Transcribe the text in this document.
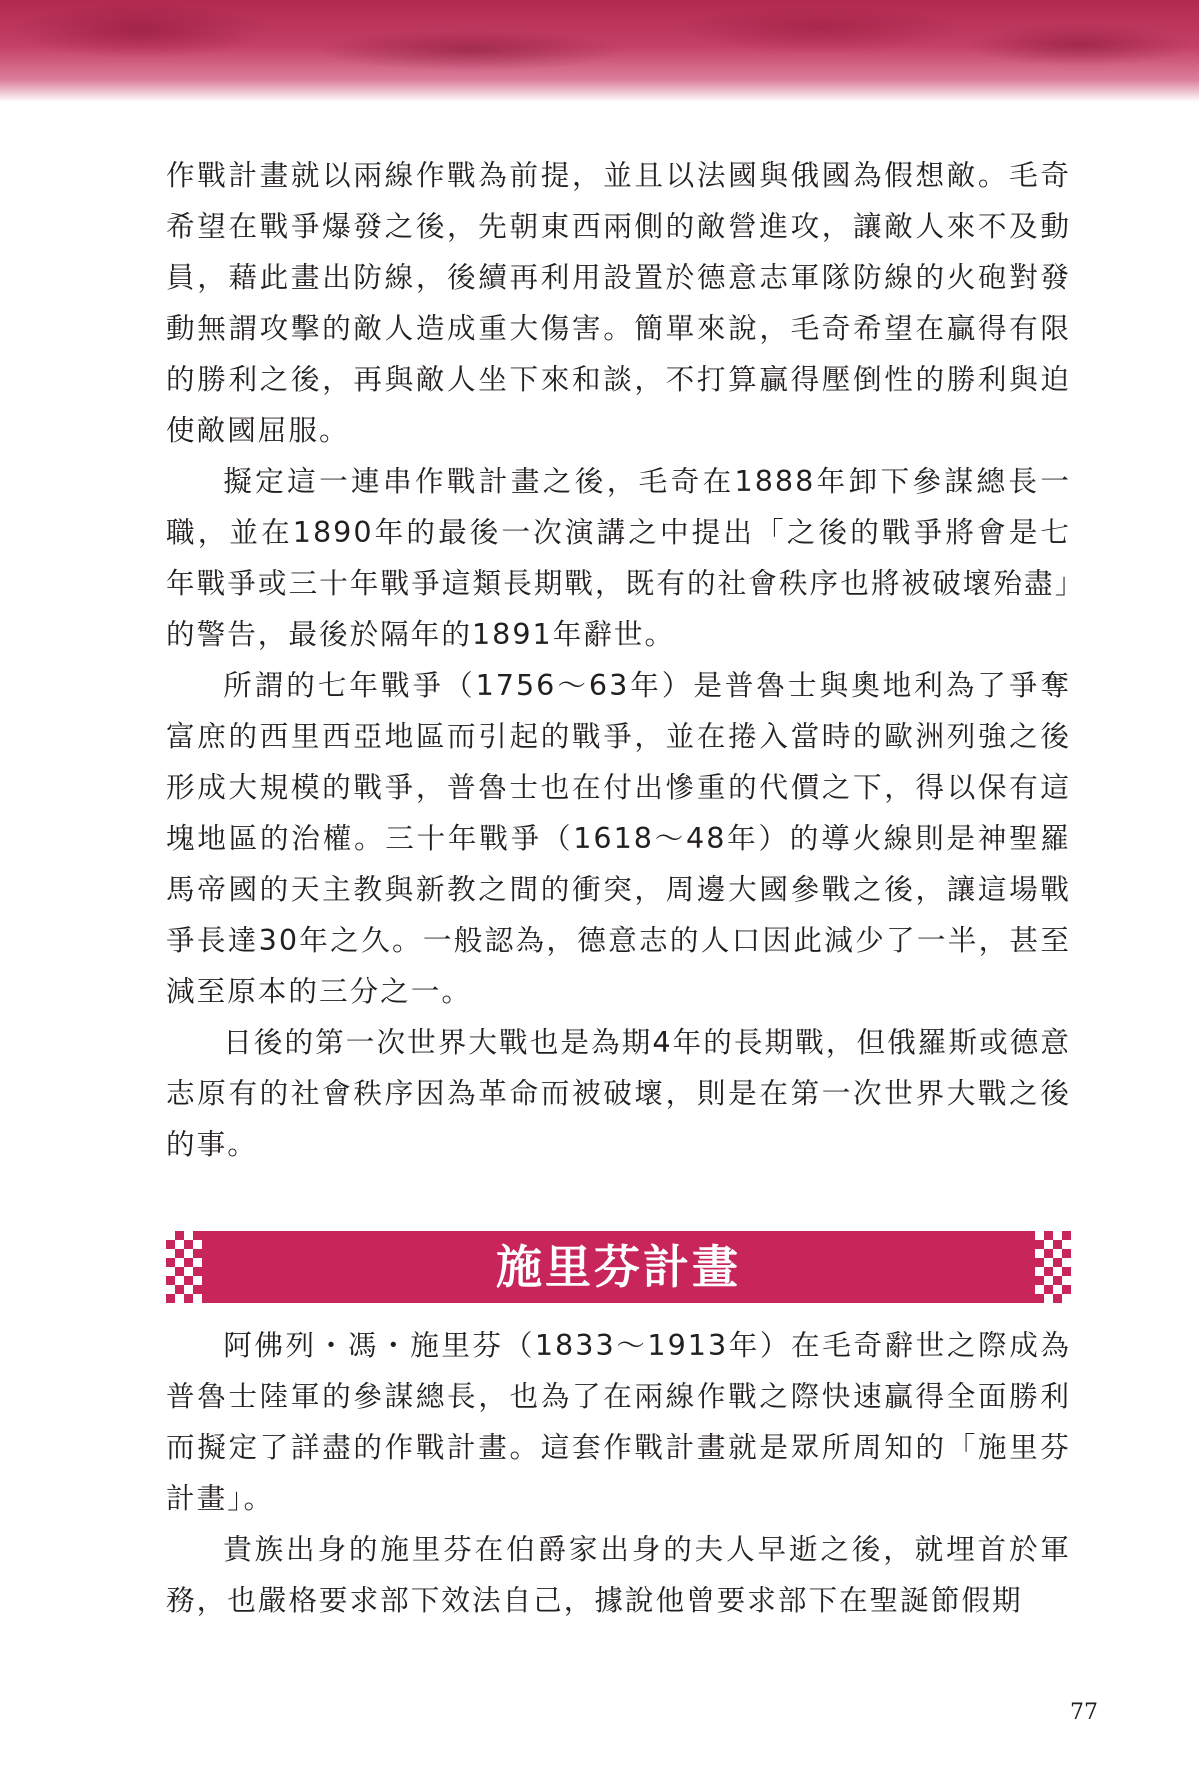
作戰計畫就以兩線作戰為前提，並且以法國與俄國為假想敵。毛奇希望在戰爭爆發之後，先朝東西兩側的敵營進攻，讓敵人來不及動員，藉此畫出防線，後續再利用設置於德意志軍隊防線的火砲對發動無謂攻擊的敵人造成重大傷害。簡單來說，毛奇希望在贏得有限的勝利之後，再與敵人坐下來和談，不打算贏得壓倒性的勝利與迫使敵國屈服。

擬定這一連串作戰計畫之後，毛奇在1888年卸下參謀總長一職，並在1890年的最後一次演講之中提出「之後的戰爭將會是七年戰爭或三十年戰爭這類長期戰，既有的社會秩序也將被破壞殆盡」的警告，最後於隔年的1891年辭世。

所謂的七年戰爭（1756～63年）是普魯士與奧地利為了爭奪富庶的西里西亞地區而引起的戰爭，並在捲入當時的歐洲列強之後形成大規模的戰爭，普魯士也在付出慘重的代價之下，得以保有這塊地區的治權。三十年戰爭（1618～48年）的導火線則是神聖羅馬帝國的天主教與新教之間的衝突，周邊大國參戰之後，讓這場戰爭長達30年之久。一般認為，德意志的人口因此減少了一半，甚至減至原本的三分之一。

日後的第一次世界大戰也是為期4年的長期戰，但俄羅斯或德意志原有的社會秩序因為革命而被破壞，則是在第一次世界大戰之後的事。

施里芬計畫

阿佛列・馮・施里芬（1833～1913年）在毛奇辭世之際成為普魯士陸軍的參謀總長，也為了在兩線作戰之際快速贏得全面勝利而擬定了詳盡的作戰計畫。這套作戰計畫就是眾所周知的「施里芬計畫」。

貴族出身的施里芬在伯爵家出身的夫人早逝之後，就埋首於軍務，也嚴格要求部下效法自己，據說他曾要求部下在聖誕節假期

77
